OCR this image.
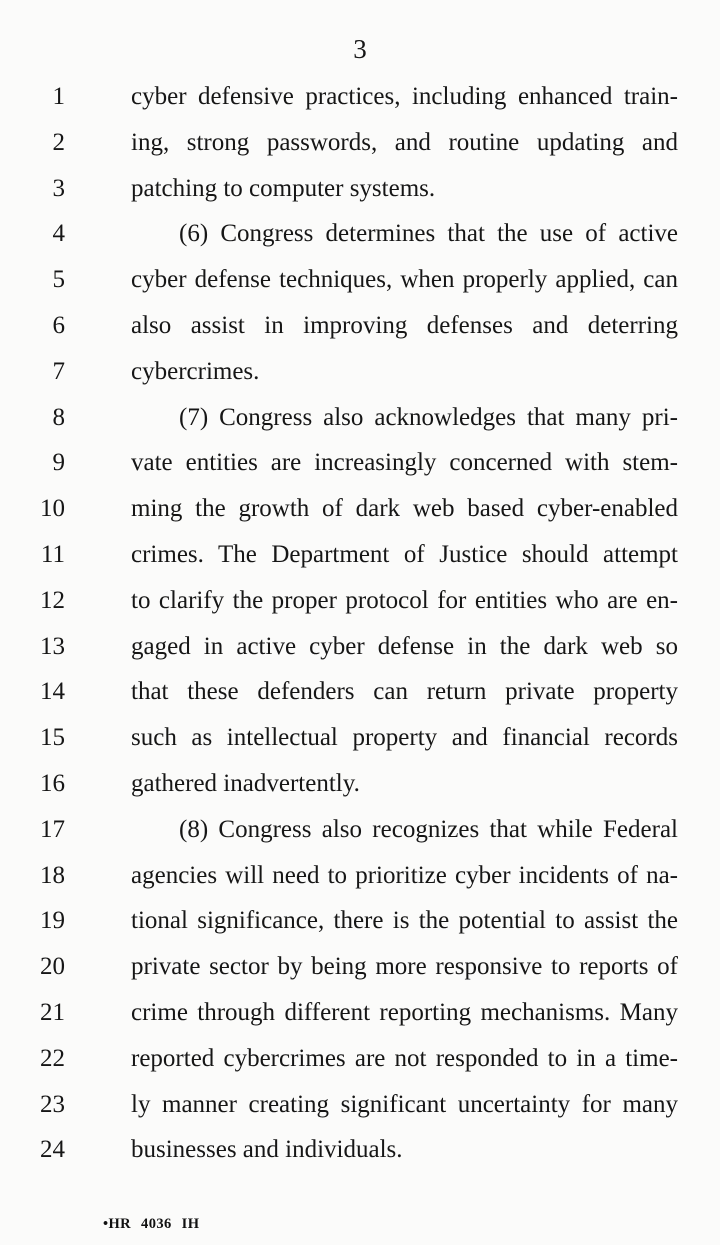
3
1	cyber defensive practices, including enhanced train-
2	ing, strong passwords, and routine updating and
3	patching to computer systems.
4	(6) Congress determines that the use of active
5	cyber defense techniques, when properly applied, can
6	also assist in improving defenses and deterring
7	cybercrimes.
8	(7) Congress also acknowledges that many pri-
9	vate entities are increasingly concerned with stem-
10	ming the growth of dark web based cyber-enabled
11	crimes. The Department of Justice should attempt
12	to clarify the proper protocol for entities who are en-
13	gaged in active cyber defense in the dark web so
14	that these defenders can return private property
15	such as intellectual property and financial records
16	gathered inadvertently.
17	(8) Congress also recognizes that while Federal
18	agencies will need to prioritize cyber incidents of na-
19	tional significance, there is the potential to assist the
20	private sector by being more responsive to reports of
21	crime through different reporting mechanisms. Many
22	reported cybercrimes are not responded to in a time-
23	ly manner creating significant uncertainty for many
24	businesses and individuals.
•HR 4036 IH
